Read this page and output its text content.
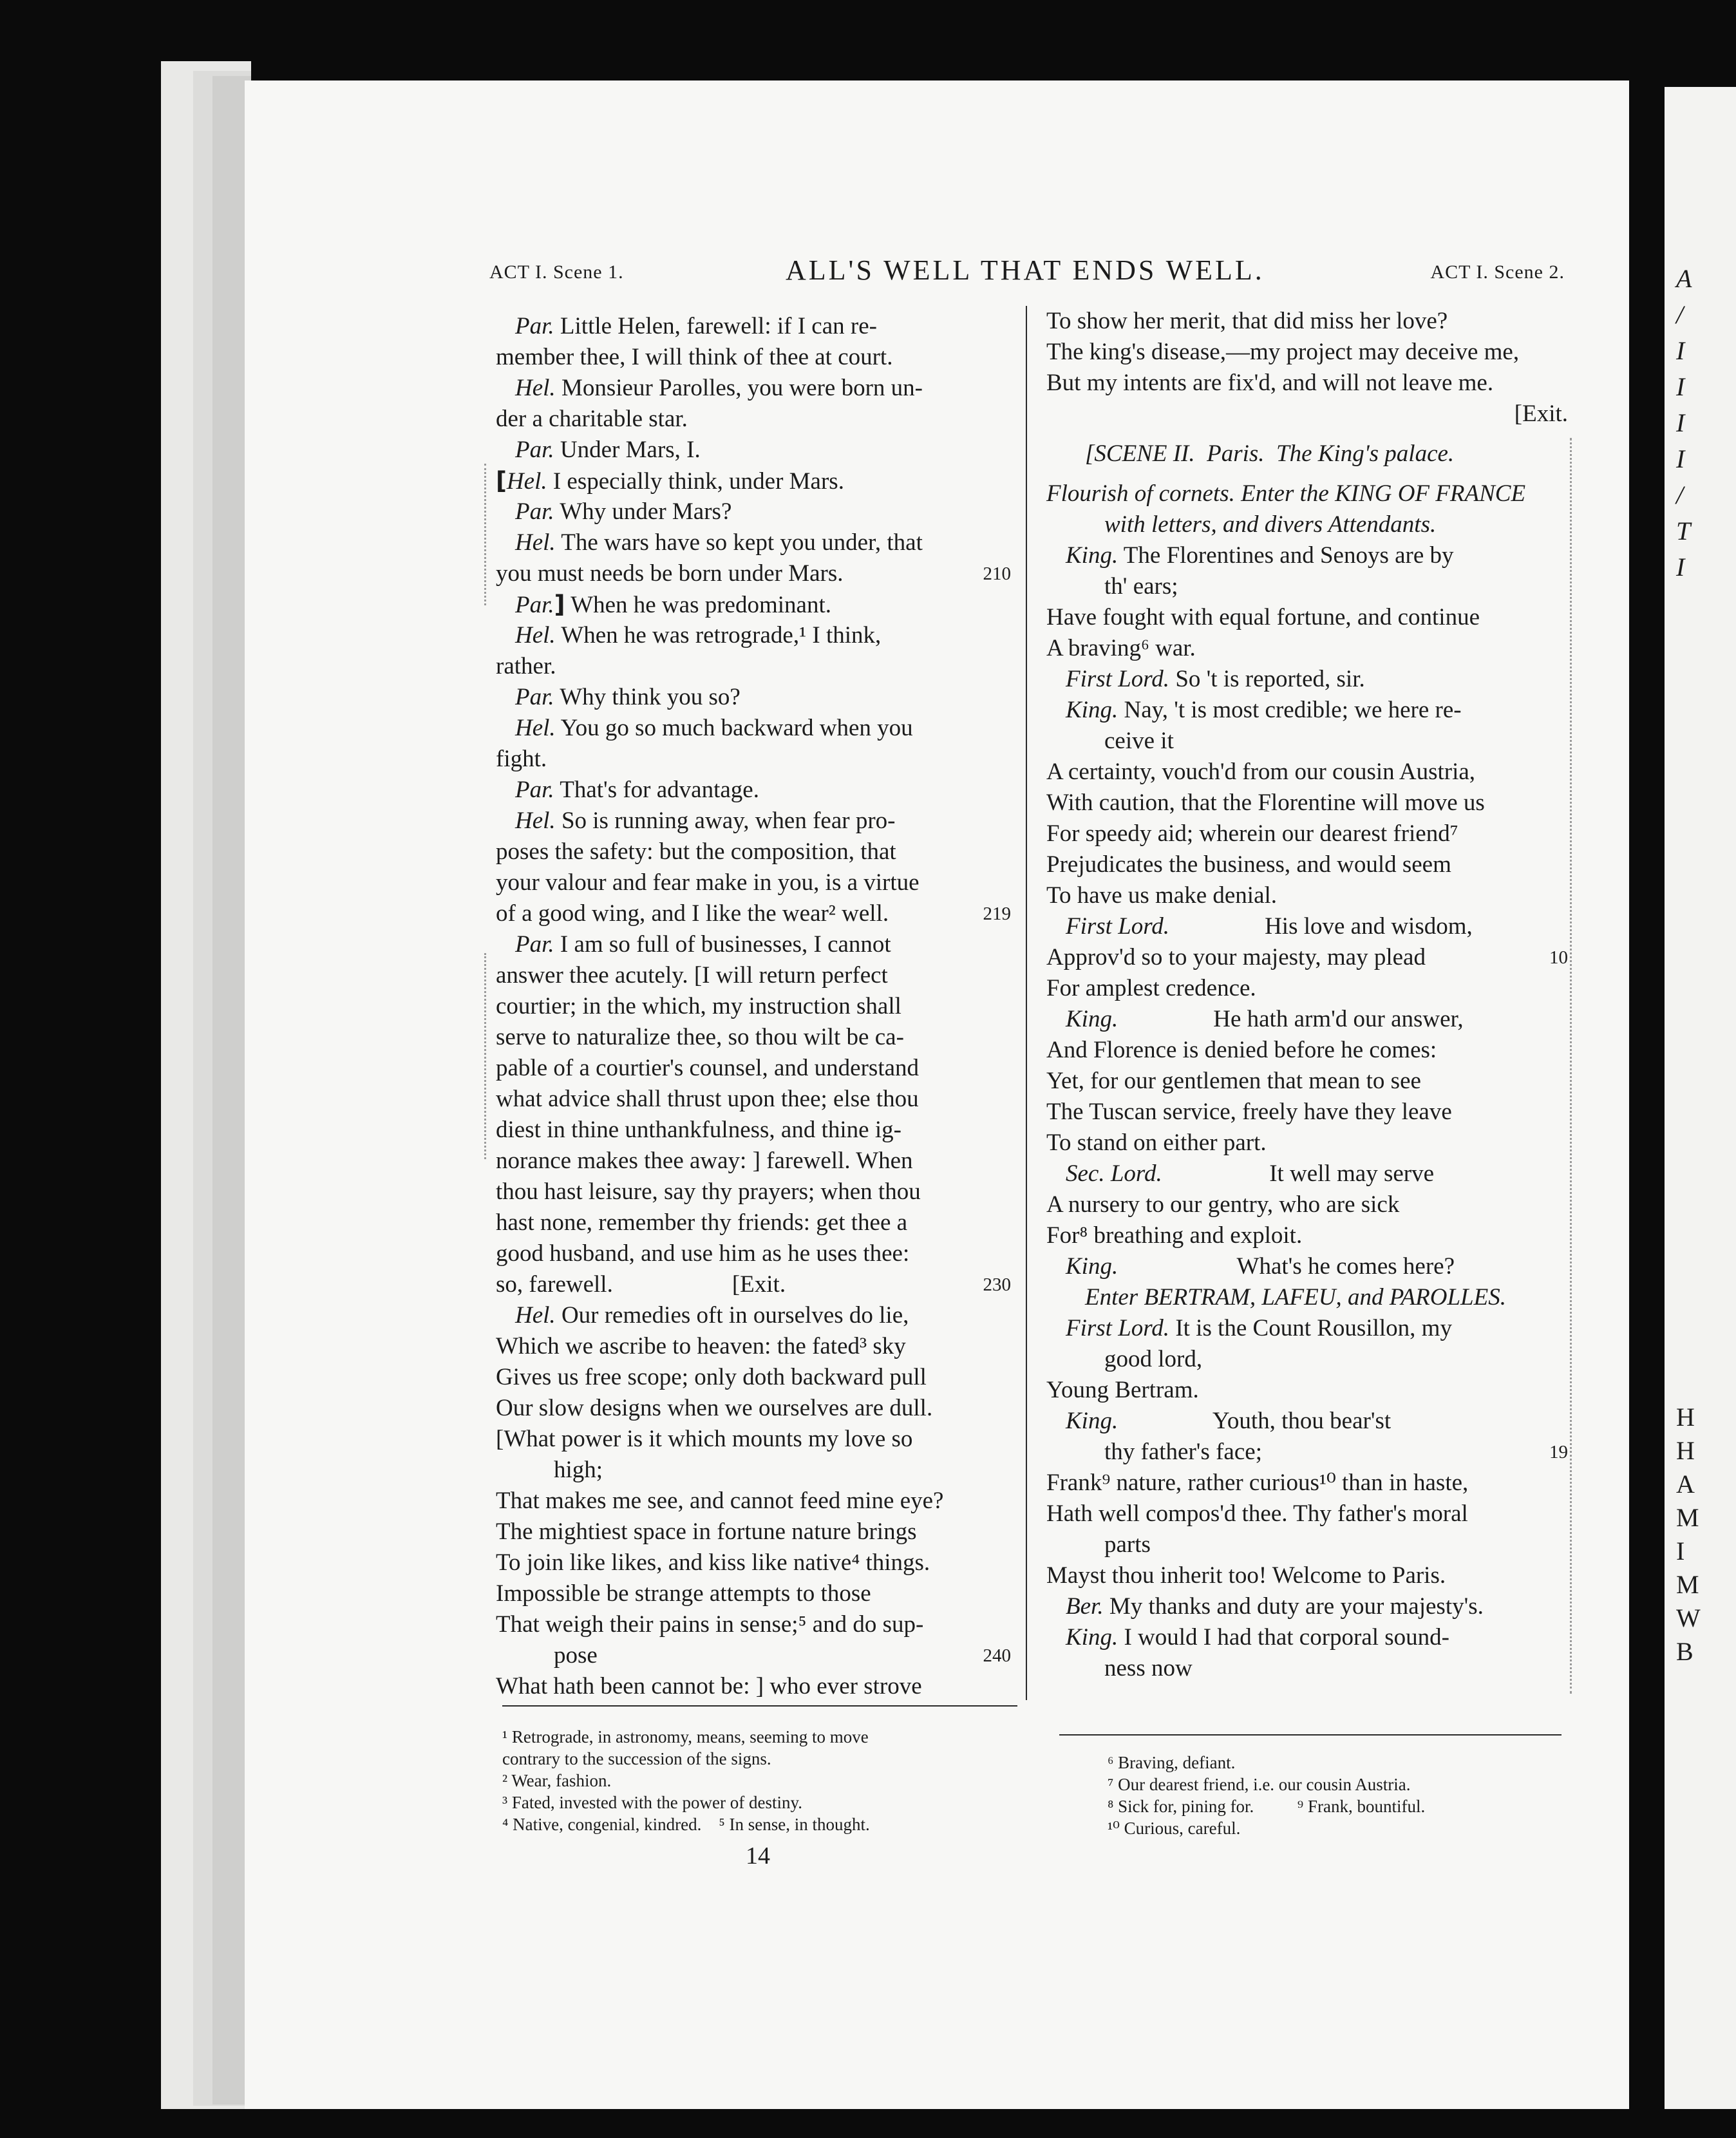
A
/
I
I
I
I
/
T
I
H
H
A
M
I
M
W
B
ACT I. Scene 1.	ALL'S WELL THAT ENDS WELL.	ACT I. Scene 2.
Par. Little Helen, farewell: if I can re-
member thee, I will think of thee at court.
Hel. Monsieur Parolles, you were born un-
der a charitable star.
Par. Under Mars, I.
[Hel. I especially think, under Mars.
Par. Why under Mars?
Hel. The wars have so kept you under, that
you must needs be born under Mars.	210
Par.] When he was predominant.
Hel. When he was retrograde,¹ I think,
rather.
Par. Why think you so?
Hel. You go so much backward when you
fight.
Par. That's for advantage.
Hel. So is running away, when fear pro-
poses the safety: but the composition, that
your valour and fear make in you, is a virtue
of a good wing, and I like the wear² well.	219
Par. I am so full of businesses, I cannot
answer thee acutely. [I will return perfect
courtier; in the which, my instruction shall
serve to naturalize thee, so thou wilt be ca-
pable of a courtier's counsel, and understand
what advice shall thrust upon thee; else thou
diest in thine unthankfulness, and thine ig-
norance makes thee away: ] farewell. When
thou hast leisure, say thy prayers; when thou
hast none, remember thy friends: get thee a
good husband, and use him as he uses thee:
so, farewell.                    [Exit.	230
Hel. Our remedies oft in ourselves do lie,
Which we ascribe to heaven: the fated³ sky
Gives us free scope; only doth backward pull
Our slow designs when we ourselves are dull.
[What power is it which mounts my love so
high;
That makes me see, and cannot feed mine eye?
The mightiest space in fortune nature brings
To join like likes, and kiss like native⁴ things.
Impossible be strange attempts to those
That weigh their pains in sense;⁵ and do sup-
pose	240
What hath been cannot be: ] who ever strove
To show her merit, that did miss her love?
The king's disease,—my project may deceive me,
But my intents are fix'd, and will not leave me.
[Exit.
[SCENE II.  Paris.  The King's palace.
Flourish of cornets. Enter the KING OF FRANCE
with letters, and divers Attendants.
King. The Florentines and Senoys are by
th' ears;
Have fought with equal fortune, and continue
A braving⁶ war.
First Lord. So 't is reported, sir.
King. Nay, 't is most credible; we here re-
ceive it
A certainty, vouch'd from our cousin Austria,
With caution, that the Florentine will move us
For speedy aid; wherein our dearest friend⁷
Prejudicates the business, and would seem
To have us make denial.
First Lord.                His love and wisdom,
Approv'd so to your majesty, may plead	10
For amplest credence.
King.                He hath arm'd our answer,
And Florence is denied before he comes:
Yet, for our gentlemen that mean to see
The Tuscan service, freely have they leave
To stand on either part.
Sec. Lord.                  It well may serve
A nursery to our gentry, who are sick
For⁸ breathing and exploit.
King.                    What's he comes here?
Enter BERTRAM, LAFEU, and PAROLLES.
First Lord. It is the Count Rousillon, my
good lord,
Young Bertram.
King.                Youth, thou bear'st
thy father's face;	19
Frank⁹ nature, rather curious¹⁰ than in haste,
Hath well compos'd thee. Thy father's moral
parts
Mayst thou inherit too! Welcome to Paris.
Ber. My thanks and duty are your majesty's.
King. I would I had that corporal sound-
ness now
¹ Retrograde, in astronomy, means, seeming to move
contrary to the succession of the signs.
² Wear, fashion.
³ Fated, invested with the power of destiny.
⁴ Native, congenial, kindred.    ⁵ In sense, in thought.
⁶ Braving, defiant.
⁷ Our dearest friend, i.e. our cousin Austria.
⁸ Sick for, pining for.          ⁹ Frank, bountiful.
¹⁰ Curious, careful.
14
